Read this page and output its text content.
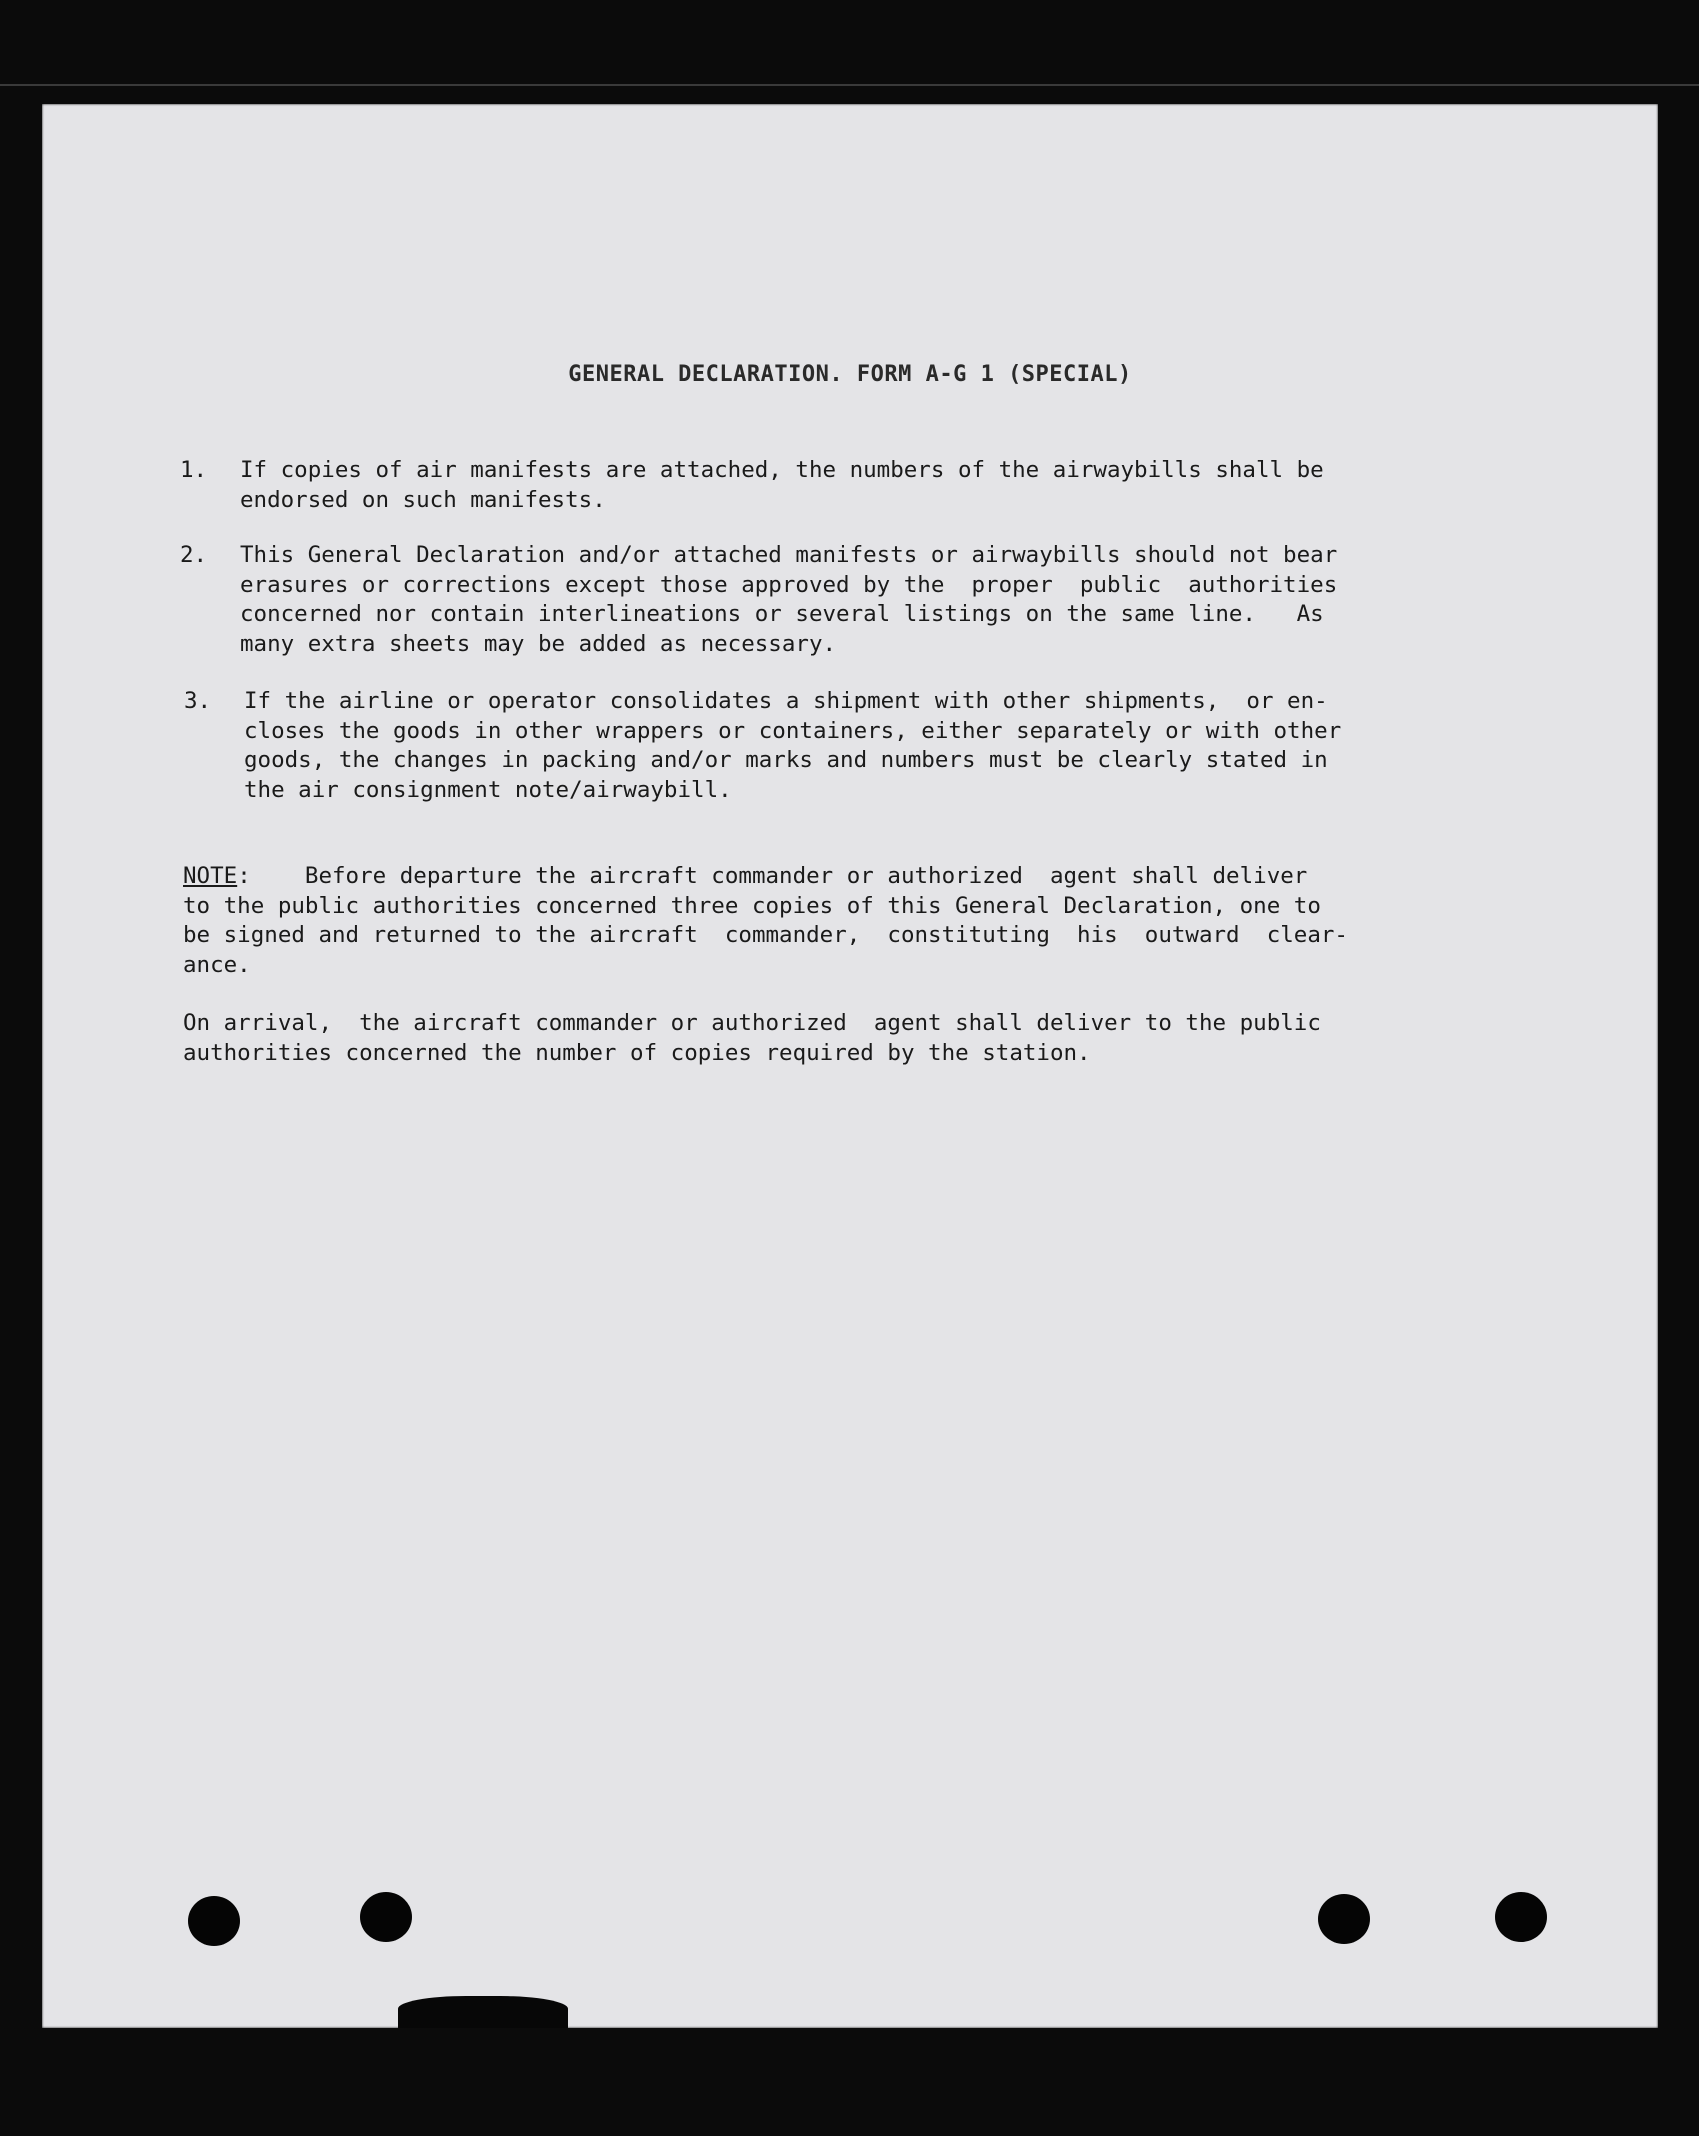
GENERAL DECLARATION. FORM A-G 1 (SPECIAL)
1. If copies of air manifests are attached, the numbers of the airwaybills shall be
endorsed on such manifests.
2. This General Declaration and/or attached manifests or airwaybills should not bear
erasures or corrections except those approved by the  proper  public  authorities
concerned nor contain interlineations or several listings on the same line.   As
many extra sheets may be added as necessary.
3. If the airline or operator consolidates a shipment with other shipments,  or en-
closes the goods in other wrappers or containers, either separately or with other
goods, the changes in packing and/or marks and numbers must be clearly stated in
the air consignment note/airwaybill.
NOTE:    Before departure the aircraft commander or authorized  agent shall deliver
to the public authorities concerned three copies of this General Declaration, one to
be signed and returned to the aircraft  commander,  constituting  his  outward  clear-
ance.
On arrival,  the aircraft commander or authorized  agent shall deliver to the public
authorities concerned the number of copies required by the station.
